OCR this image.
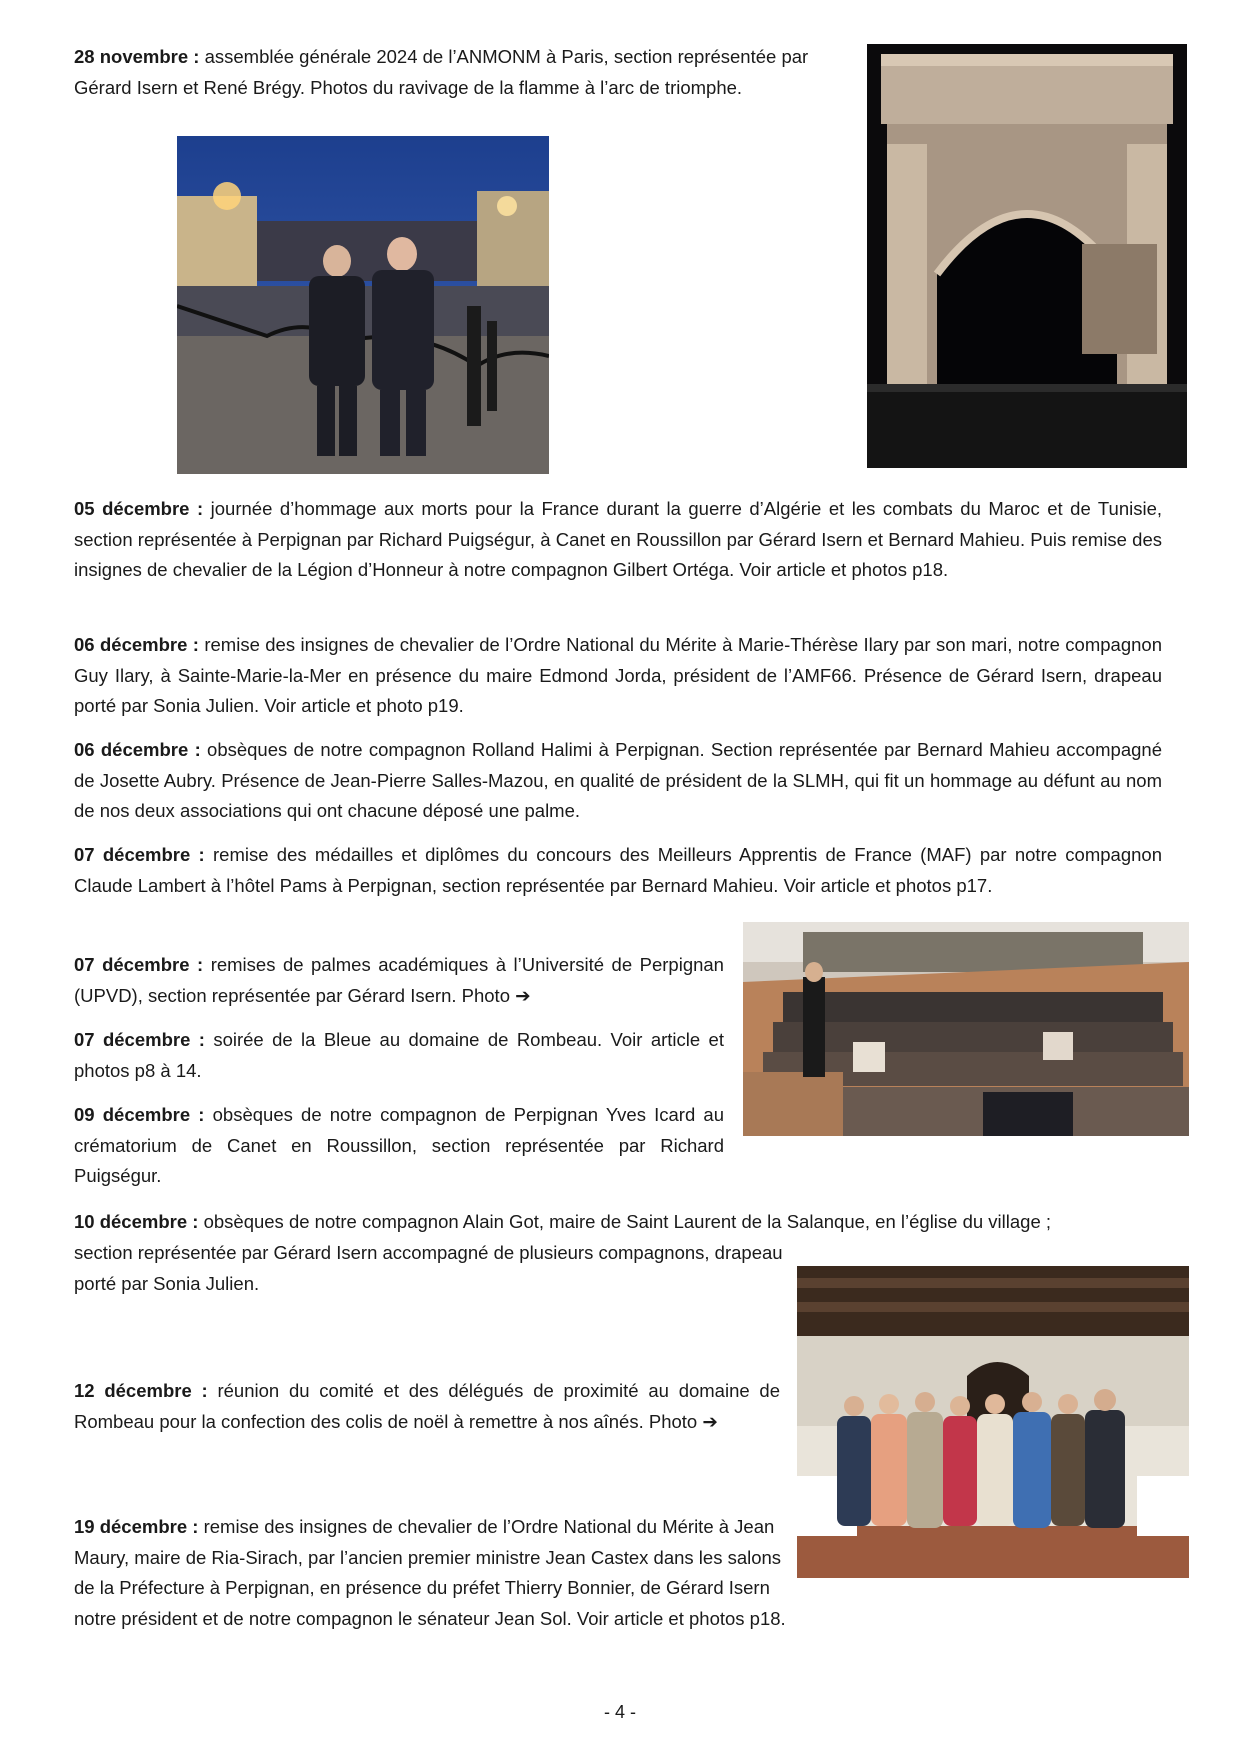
28 novembre : assemblée générale 2024 de l’ANMONM à Paris, section représentée par Gérard Isern et René Brégy. Photos du ravivage de la flamme à l’arc de triomphe.

05 décembre : journée d’hommage aux morts pour la France durant la guerre d’Algérie et les combats du Maroc et de Tunisie, section représentée à Perpignan par Richard Puigségur, à Canet en Roussillon par Gérard Isern et Bernard Mahieu. Puis remise des insignes de chevalier de la Légion d’Honneur à notre compagnon Gilbert Ortéga. Voir article et photos p18.

06 décembre : remise des insignes de chevalier de l’Ordre National du Mérite à Marie-Thérèse Ilary par son mari, notre compagnon Guy Ilary, à Sainte-Marie-la-Mer en présence du maire Edmond Jorda, président de l’AMF66. Présence de Gérard Isern, drapeau porté par Sonia Julien. Voir article et photo p19.

06 décembre : obsèques de notre compagnon Rolland Halimi à Perpignan. Section représentée par Bernard Mahieu accompagné de Josette Aubry. Présence de Jean-Pierre Salles-Mazou, en qualité de président de la SLMH, qui fit un hommage au défunt au nom de nos deux associations qui ont chacune déposé une palme.

07 décembre : remise des médailles et diplômes du concours des Meilleurs Apprentis de France (MAF) par notre compagnon Claude Lambert à l’hôtel Pams à Perpignan, section représentée par Bernard Mahieu. Voir article et photos p17.

07 décembre : remises de palmes académiques à l’Université de Perpignan (UPVD), section représentée par Gérard Isern. Photo ➔

07 décembre : soirée de la Bleue au domaine de Rombeau. Voir article et photos p8 à 14.

09 décembre : obsèques de notre compagnon de Perpignan Yves Icard au crématorium de Canet en Roussillon, section représentée par Richard Puigségur.

10 décembre : obsèques de notre compagnon Alain Got, maire de Saint Laurent de la Salanque, en l’église du village ;

section représentée par Gérard Isern accompagné de plusieurs compagnons, drapeau porté par Sonia Julien.

12 décembre : réunion du comité et des délégués de proximité au domaine de Rombeau pour la confection des colis de noël à remettre à nos aînés. Photo ➔

19 décembre : remise des insignes de chevalier de l’Ordre National du Mérite à Jean Maury, maire de Ria-Sirach, par l’ancien premier ministre Jean Castex dans les salons de la Préfecture à Perpignan, en présence du préfet Thierry Bonnier, de Gérard Isern notre président et de notre compagnon le sénateur Jean Sol. Voir article et photos p18.

- 4 -
